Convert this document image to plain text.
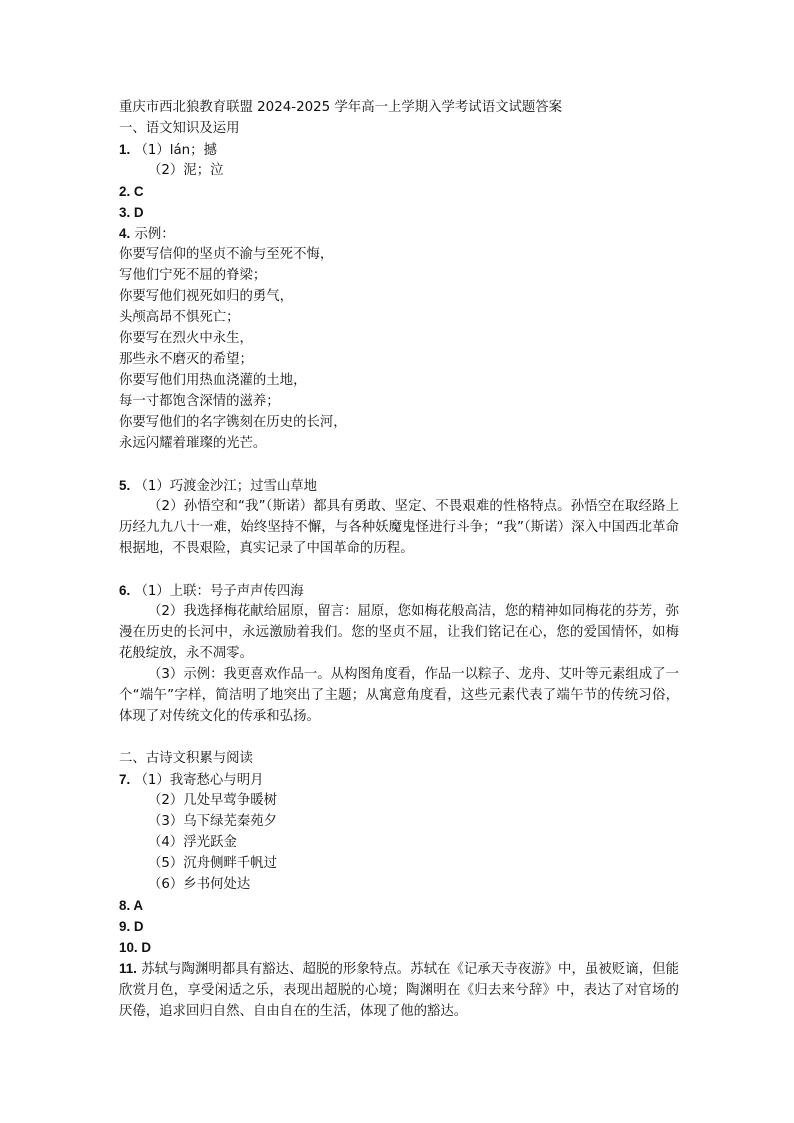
重庆市西北狼教育联盟 2024-2025 学年高一上学期入学考试语文试题答案
一、语文知识及运用
1. （1）lán；撼
（2）泥；泣
2. C
3. D
4. 示例：
你要写信仰的坚贞不渝与至死不悔，
写他们宁死不屈的脊梁；
你要写他们视死如归的勇气，
头颅高昂不惧死亡；
你要写在烈火中永生，
那些永不磨灭的希望；
你要写他们用热血浇灌的土地，
每一寸都饱含深情的滋养；
你要写他们的名字镌刻在历史的长河，
永远闪耀着璀璨的光芒。
5. （1）巧渡金沙江；过雪山草地
（2）孙悟空和“我”（斯诺）都具有勇敢、坚定、不畏艰难的性格特点。孙悟空在取经路上历经九九八十一难，始终坚持不懈，与各种妖魔鬼怪进行斗争；“我”（斯诺）深入中国西北革命根据地，不畏艰险，真实记录了中国革命的历程。
6. （1）上联：号子声声传四海
（2）我选择梅花献给屈原，留言：屈原，您如梅花般高洁，您的精神如同梅花的芬芳，弥漫在历史的长河中，永远激励着我们。您的坚贞不屈，让我们铭记在心，您的爱国情怀，如梅花般绽放，永不凋零。
（3）示例：我更喜欢作品一。从构图角度看，作品一以粽子、龙舟、艾叶等元素组成了一个“端午”字样，简洁明了地突出了主题；从寓意角度看，这些元素代表了端午节的传统习俗，体现了对传统文化的传承和弘扬。
二、古诗文积累与阅读
7. （1）我寄愁心与明月
（2）几处早莺争暖树
（3）乌下绿芜秦苑夕
（4）浮光跃金
（5）沉舟侧畔千帆过
（6）乡书何处达
8. A
9. D
10. D
11. 苏轼与陶渊明都具有豁达、超脱的形象特点。苏轼在《记承天寺夜游》中，虽被贬谪，但能欣赏月色，享受闲适之乐，表现出超脱的心境；陶渊明在《归去来兮辞》中，表达了对官场的厌倦，追求回归自然、自由自在的生活，体现了他的豁达。
